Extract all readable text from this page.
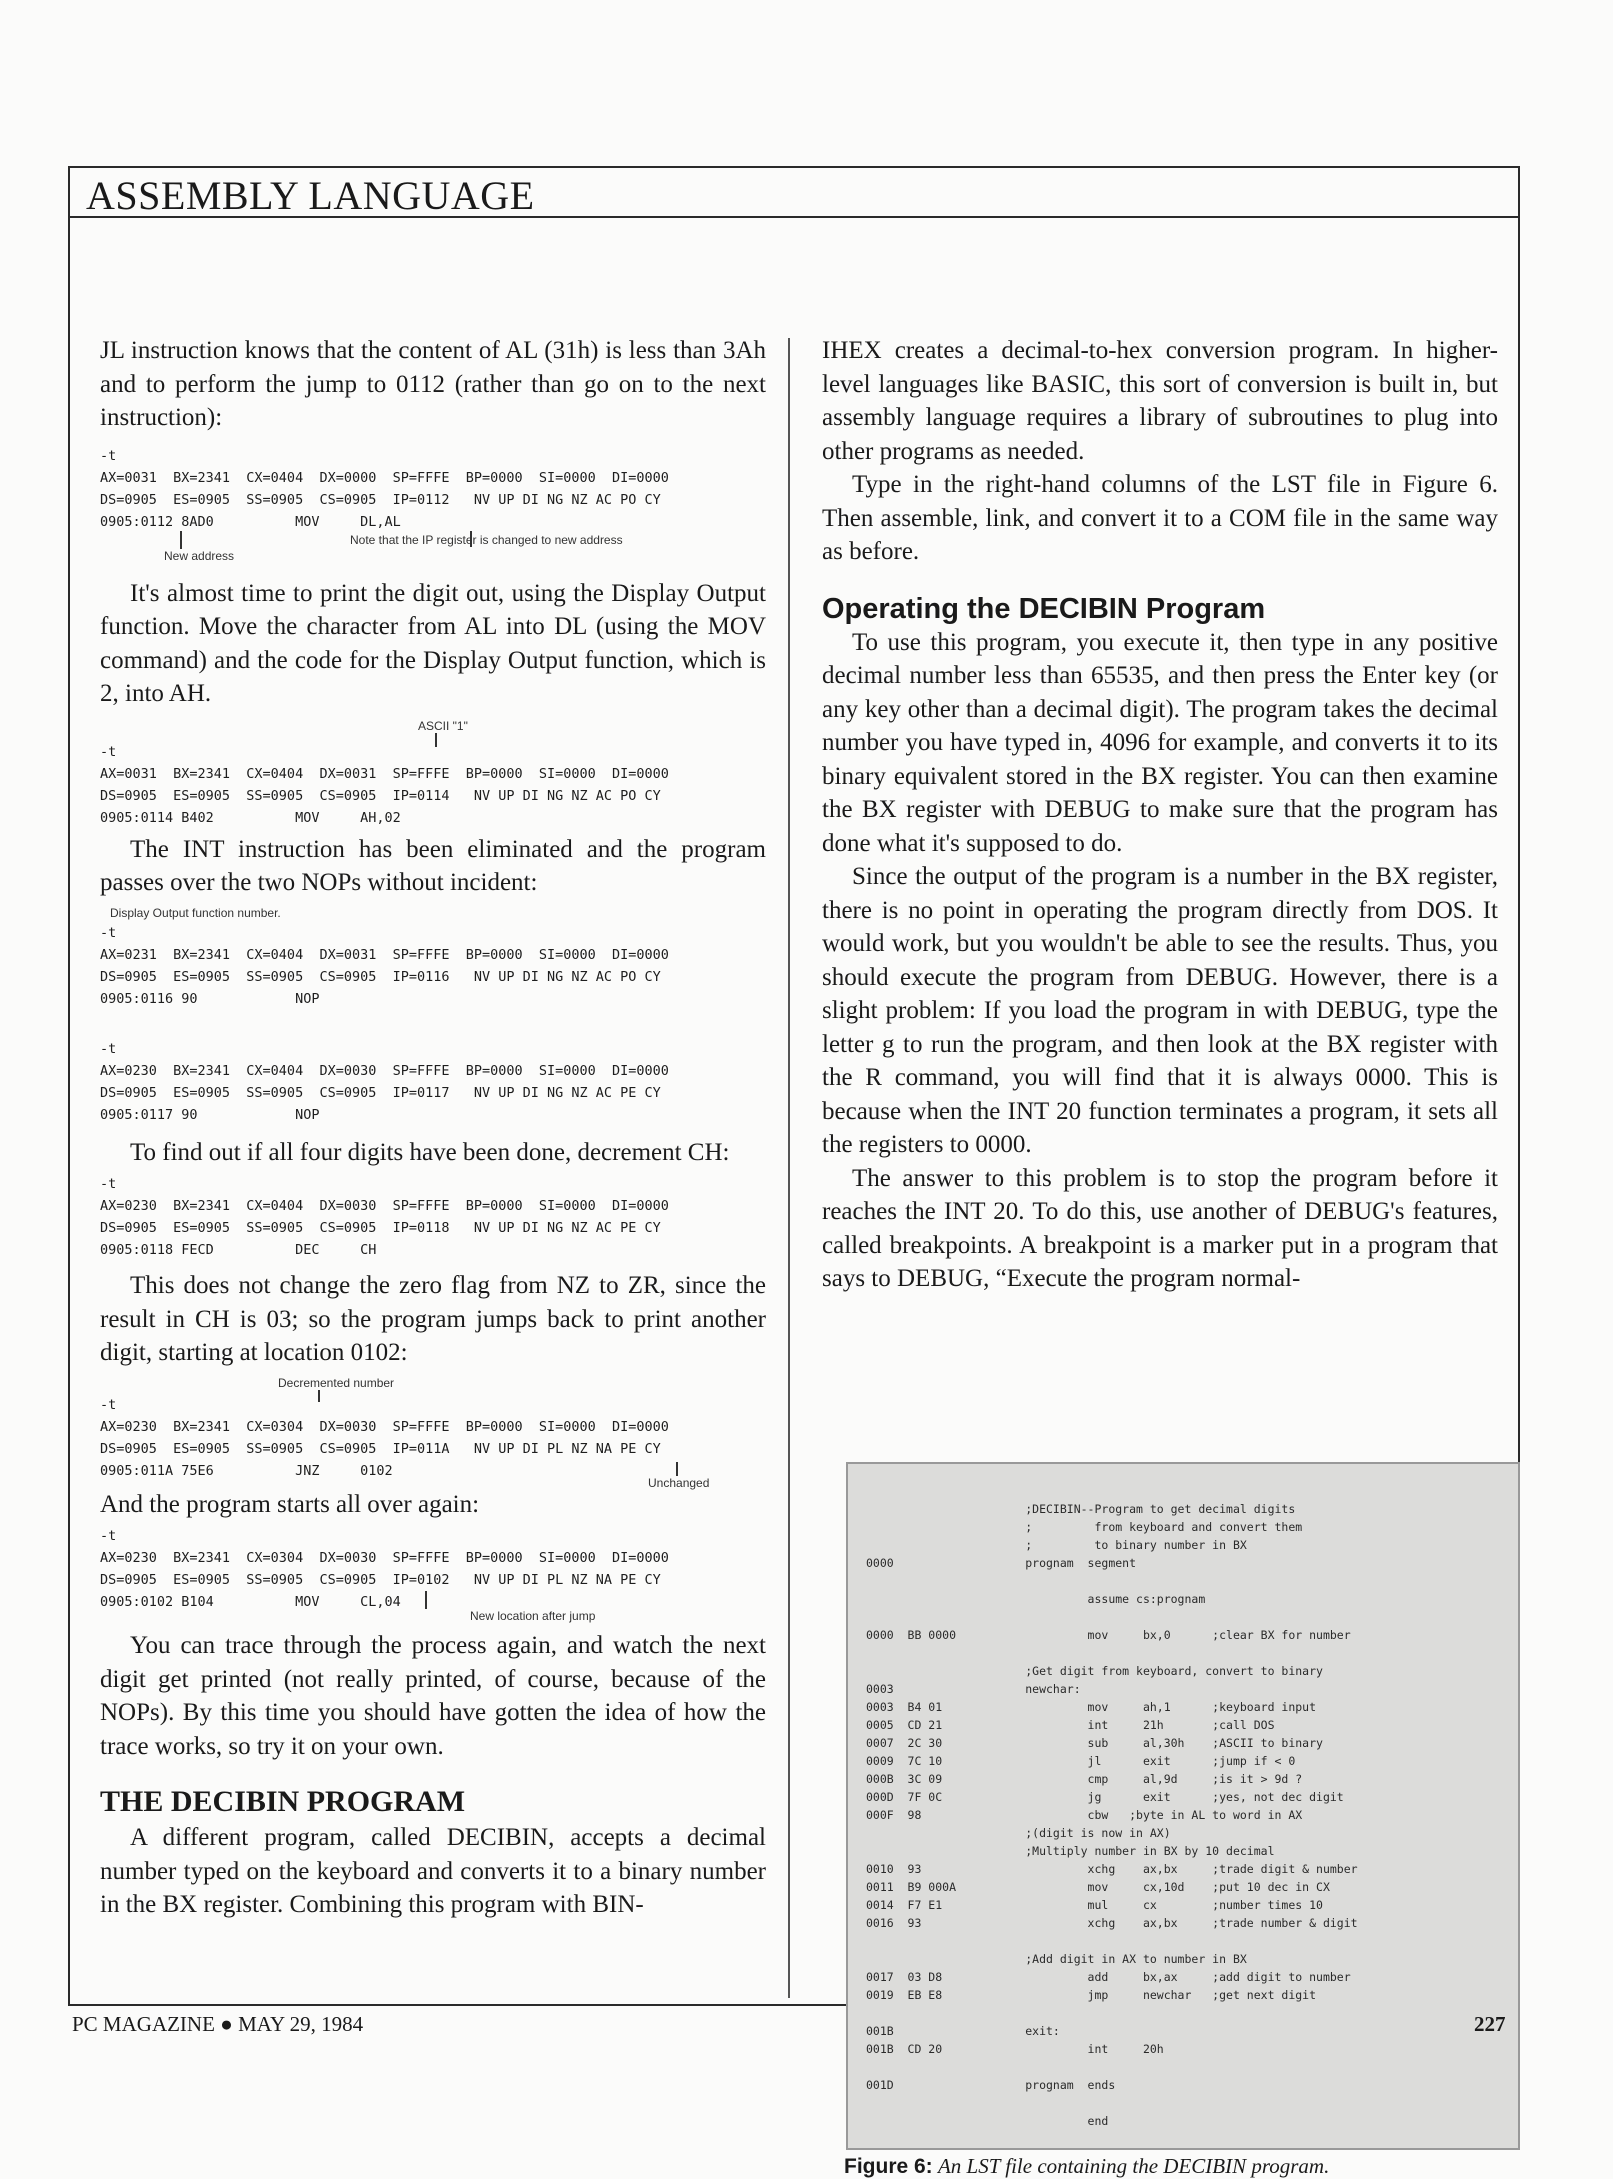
ASSEMBLY LANGUAGE

JL instruction knows that the content of AL (31h) is less than 3Ah and to perform the jump to 0112 (rather than go on to the next instruction):

-t
AX=0031  BX=2341  CX=0404  DX=0000  SP=FFFE  BP=0000  SI=0000  DI=0000
DS=0905  ES=0905  SS=0905  CS=0905  IP=0112   NV UP DI NG NZ AC PO CY
0905:0112 8AD0          MOV     DL,AL
Note that the IP register is changed to new address
New address

It's almost time to print the digit out, using the Display Output function. Move the character from AL into DL (using the MOV command) and the code for the Display Output function, which is 2, into AH.

ASCII "1"
-t
AX=0031  BX=2341  CX=0404  DX=0031  SP=FFFE  BP=0000  SI=0000  DI=0000
DS=0905  ES=0905  SS=0905  CS=0905  IP=0114   NV UP DI NG NZ AC PO CY
0905:0114 B402          MOV     AH,02

The INT instruction has been eliminated and the program passes over the two NOPs without incident:

Display Output function number.
-t
AX=0231  BX=2341  CX=0404  DX=0031  SP=FFFE  BP=0000  SI=0000  DI=0000
DS=0905  ES=0905  SS=0905  CS=0905  IP=0116   NV UP DI NG NZ AC PO CY
0905:0116 90            NOP
-t
AX=0230  BX=2341  CX=0404  DX=0030  SP=FFFE  BP=0000  SI=0000  DI=0000
DS=0905  ES=0905  SS=0905  CS=0905  IP=0117   NV UP DI NG NZ AC PE CY
0905:0117 90            NOP

To find out if all four digits have been done, decrement CH:

-t
AX=0230  BX=2341  CX=0404  DX=0030  SP=FFFE  BP=0000  SI=0000  DI=0000
DS=0905  ES=0905  SS=0905  CS=0905  IP=0118   NV UP DI NG NZ AC PE CY
0905:0118 FECD          DEC     CH

This does not change the zero flag from NZ to ZR, since the result in CH is 03; so the program jumps back to print another digit, starting at location 0102:

Decremented number
-t
AX=0230  BX=2341  CX=0304  DX=0030  SP=FFFE  BP=0000  SI=0000  DI=0000
DS=0905  ES=0905  SS=0905  CS=0905  IP=011A   NV UP DI PL NZ NA PE CY
0905:011A 75E6          JNZ     0102
Unchanged

And the program starts all over again:

-t
AX=0230  BX=2341  CX=0304  DX=0030  SP=FFFE  BP=0000  SI=0000  DI=0000
DS=0905  ES=0905  SS=0905  CS=0905  IP=0102   NV UP DI PL NZ NA PE CY
0905:0102 B104          MOV     CL,04
New location after jump

You can trace through the process again, and watch the next digit get printed (not really printed, of course, because of the NOPs). By this time you should have gotten the idea of how the trace works, so try it on your own.

THE DECIBIN PROGRAM

A different program, called DECIBIN, accepts a decimal number typed on the keyboard and converts it to a binary number in the BX register. Combining this program with BIN-

IHEX creates a decimal-to-hex conversion program. In higher-level languages like BASIC, this sort of conversion is built in, but assembly language requires a library of subroutines to plug into other programs as needed.

Type in the right-hand columns of the LST file in Figure 6. Then assemble, link, and convert it to a COM file in the same way as before.

Operating the DECIBIN Program

To use this program, you execute it, then type in any positive decimal number less than 65535, and then press the Enter key (or any key other than a decimal digit). The program takes the decimal number you have typed in, 4096 for example, and converts it to its binary equivalent stored in the BX register. You can then examine the BX register with DEBUG to make sure that the program has done what it's supposed to do.

Since the output of the program is a number in the BX register, there is no point in operating the program directly from DOS. It would work, but you wouldn't be able to see the results. Thus, you should execute the program from DEBUG. However, there is a slight problem: If you load the program in with DEBUG, type the letter g to run the program, and then look at the BX register with the R command, you will find that it is always 0000. This is because when the INT 20 function terminates a program, it sets all the registers to 0000.

The answer to this problem is to stop the program before it reaches the INT 20. To do this, use another of DEBUG's features, called breakpoints. A breakpoint is a marker put in a program that says to DEBUG, “Execute the program normal-

;DECIBIN--Program to get decimal digits
;         from keyboard and convert them
;         to binary number in BX
0000                   prognam  segment

assume cs:prognam

0000  BB 0000                   mov     bx,0      ;clear BX for number

;Get digit from keyboard, convert to binary
0003                   newchar:
0003  B4 01                     mov     ah,1      ;keyboard input
0005  CD 21                     int     21h       ;call DOS
0007  2C 30                     sub     al,30h    ;ASCII to binary
0009  7C 10                     jl      exit      ;jump if < 0
000B  3C 09                     cmp     al,9d     ;is it > 9d ?
000D  7F 0C                     jg      exit      ;yes, not dec digit
000F  98                        cbw   ;byte in AL to word in AX
;(digit is now in AX)
;Multiply number in BX by 10 decimal
0010  93                        xchg    ax,bx     ;trade digit & number
0011  B9 000A                   mov     cx,10d    ;put 10 dec in CX
0014  F7 E1                     mul     cx        ;number times 10
0016  93                        xchg    ax,bx     ;trade number & digit

;Add digit in AX to number in BX
0017  03 D8                     add     bx,ax     ;add digit to number
0019  EB E8                     jmp     newchar   ;get next digit

001B                   exit:
001B  CD 20                     int     20h

001D                   prognam  ends

end
Figure 6: An LST file containing the DECIBIN program.
PC MAGAZINE ● MAY 29, 1984	227
